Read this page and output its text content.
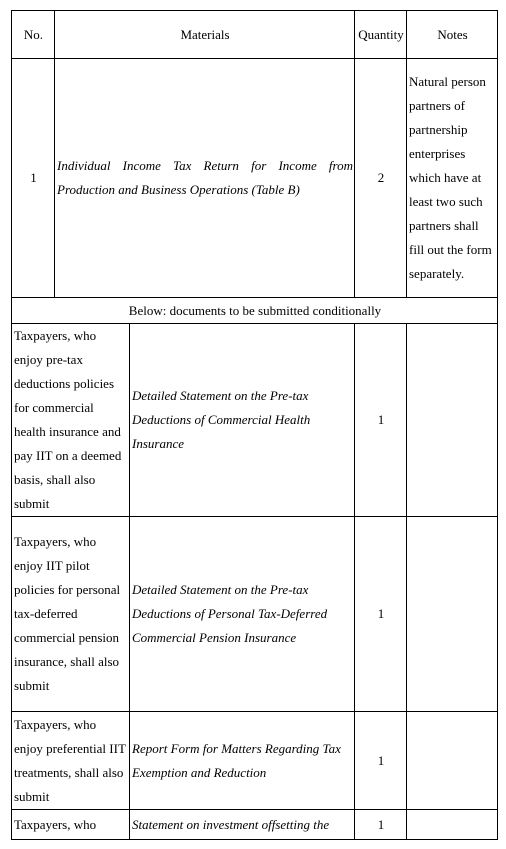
No.	Materials		Quantity	Notes
1	Individual Income Tax Return for Income from Production and Business Operations (Table B)		2	Natural person partners of partnership enterprises which have at least two such partners shall fill out the form separately.
Below: documents to be submitted conditionally				
Taxpayers, who enjoy pre-tax deductions policies for commercial health insurance and pay IIT on a deemed basis, shall also submit		Detailed Statement on the Pre-tax Deductions of Commercial Health Insurance	1	
Taxpayers, who enjoy IIT pilot policies for personal tax-deferred commercial pension insurance, shall also submit		Detailed Statement on the Pre-tax Deductions of Personal Tax-Deferred Commercial Pension Insurance	1	
Taxpayers, who enjoy preferential IIT treatments, shall also submit		Report Form for Matters Regarding Tax Exemption and Reduction	1	
Taxpayers, who		Statement on investment offsetting the	1	
